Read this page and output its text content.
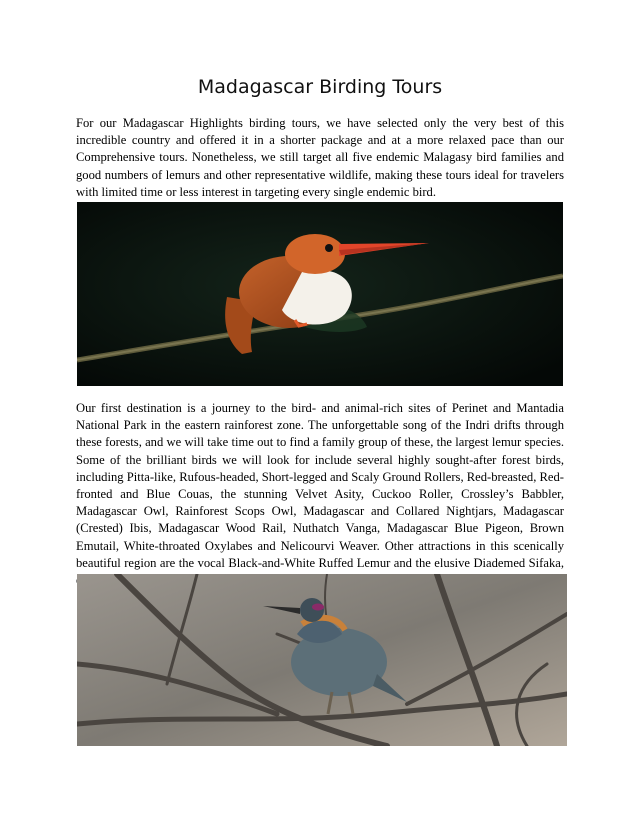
Madagascar Birding Tours
For our Madagascar Highlights birding tours, we have selected only the very best of this incredible country and offered it in a shorter package and at a more relaxed pace than our Comprehensive tours. Nonetheless, we still target all five endemic Malagasy bird families and good numbers of lemurs and other representative wildlife, making these tours ideal for travelers with limited time or less interest in targeting every single endemic bird.
Our first destination is a journey to the bird- and animal-rich sites of Perinet and Mantadia National Park in the eastern rainforest zone. The unforgettable song of the Indri drifts through these forests, and we will take time out to find a family group of these, the largest lemur species. Some of the brilliant birds we will look for include several highly sought-after forest birds, including Pitta-like, Rufous-headed, Short-legged and Scaly Ground Rollers, Red-breasted, Red-fronted and Blue Couas, the stunning Velvet Asity, Cuckoo Roller, Crossley’s Babbler, Madagascar Owl, Rainforest Scops Owl, Madagascar and Collared Nightjars, Madagascar (Crested) Ibis, Madagascar Wood Rail, Nuthatch Vanga, Madagascar Blue Pigeon, Brown Emutail, White-throated Oxylabes and Nelicourvi Weaver. Other attractions in this scenically beautiful region are the vocal Black-and-White Ruffed Lemur and the elusive Diademed Sifaka,
